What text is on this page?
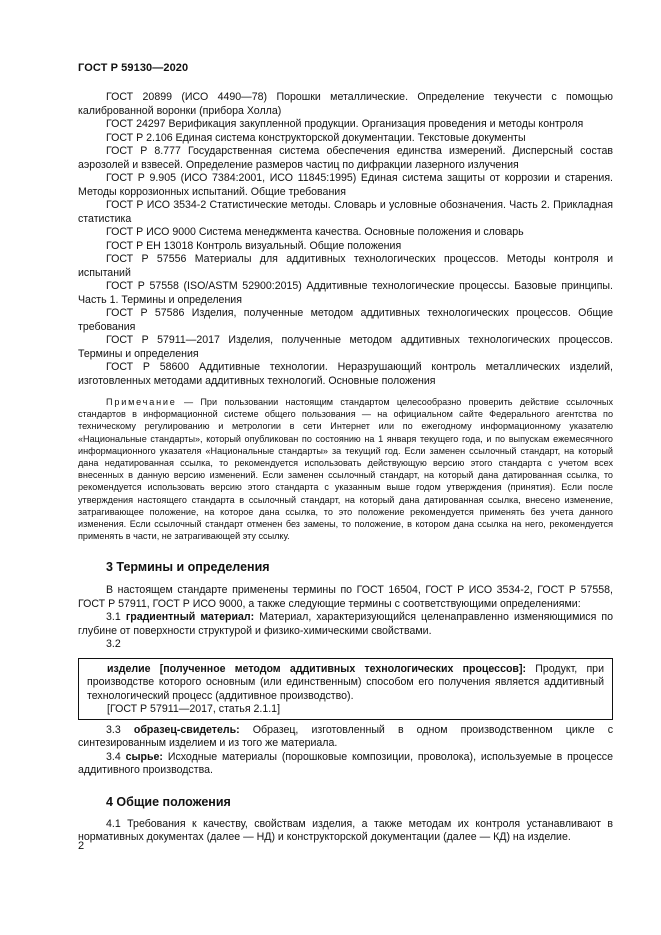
ГОСТ Р 59130—2020

ГОСТ 20899 (ИСО 4490—78) Порошки металлические. Определение текучести с помощью калиброванной воронки (прибора Холла)

ГОСТ 24297 Верификация закупленной продукции. Организация проведения и методы контроля

ГОСТ Р 2.106 Единая система конструкторской документации. Текстовые документы

ГОСТ Р 8.777 Государственная система обеспечения единства измерений. Дисперсный состав аэрозолей и взвесей. Определение размеров частиц по дифракции лазерного излучения

ГОСТ Р 9.905 (ИСО 7384:2001, ИСО 11845:1995) Единая система защиты от коррозии и старения. Методы коррозионных испытаний. Общие требования

ГОСТ Р ИСО 3534-2 Статистические методы. Словарь и условные обозначения. Часть 2. Прикладная статистика

ГОСТ Р ИСО 9000 Система менеджмента качества. Основные положения и словарь

ГОСТ Р ЕН 13018 Контроль визуальный. Общие положения

ГОСТ Р 57556 Материалы для аддитивных технологических процессов. Методы контроля и испытаний

ГОСТ Р 57558 (ISO/ASTM 52900:2015) Аддитивные технологические процессы. Базовые принципы. Часть 1. Термины и определения

ГОСТ Р 57586 Изделия, полученные методом аддитивных технологических процессов. Общие требования

ГОСТ Р 57911—2017 Изделия, полученные методом аддитивных технологических процессов. Термины и определения

ГОСТ Р 58600 Аддитивные технологии. Неразрушающий контроль металлических изделий, изготовленных методами аддитивных технологий. Основные положения

Примечание — При пользовании настоящим стандартом целесообразно проверить действие ссылочных стандартов в информационной системе общего пользования — на официальном сайте Федерального агентства по техническому регулированию и метрологии в сети Интернет или по ежегодному информационному указателю «Национальные стандарты», который опубликован по состоянию на 1 января текущего года, и по выпускам ежемесячного информационного указателя «Национальные стандарты» за текущий год. Если заменен ссылочный стандарт, на который дана недатированная ссылка, то рекомендуется использовать действующую версию этого стандарта с учетом всех внесенных в данную версию изменений. Если заменен ссылочный стандарт, на который дана датированная ссылка, то рекомендуется использовать версию этого стандарта с указанным выше годом утверждения (принятия). Если после утверждения настоящего стандарта в ссылочный стандарт, на который дана датированная ссылка, внесено изменение, затрагивающее положение, на которое дана ссылка, то это положение рекомендуется применять без учета данного изменения. Если ссылочный стандарт отменен без замены, то положение, в котором дана ссылка на него, рекомендуется применять в части, не затрагивающей эту ссылку.

3 Термины и определения

В настоящем стандарте применены термины по ГОСТ 16504, ГОСТ Р ИСО 3534-2, ГОСТ Р 57558, ГОСТ Р 57911, ГОСТ Р ИСО 9000, а также следующие термины с соответствующими определениями:

3.1 градиентный материал: Материал, характеризующийся целенаправленно изменяющимися по глубине от поверхности структурой и физико-химическими свойствами.

3.2

изделие [полученное методом аддитивных технологических процессов]: Продукт, при производстве которого основным (или единственным) способом его получения является аддитивный технологический процесс (аддитивное производство).

[ГОСТ Р 57911—2017, статья 2.1.1]

3.3 образец-свидетель: Образец, изготовленный в одном производственном цикле с синтезированным изделием и из того же материала.

3.4 сырье: Исходные материалы (порошковые композиции, проволока), используемые в процессе аддитивного производства.

4 Общие положения

4.1 Требования к качеству, свойствам изделия, а также методам их контроля устанавливают в нормативных документах (далее — НД) и конструкторской документации (далее — КД) на изделие.

2
